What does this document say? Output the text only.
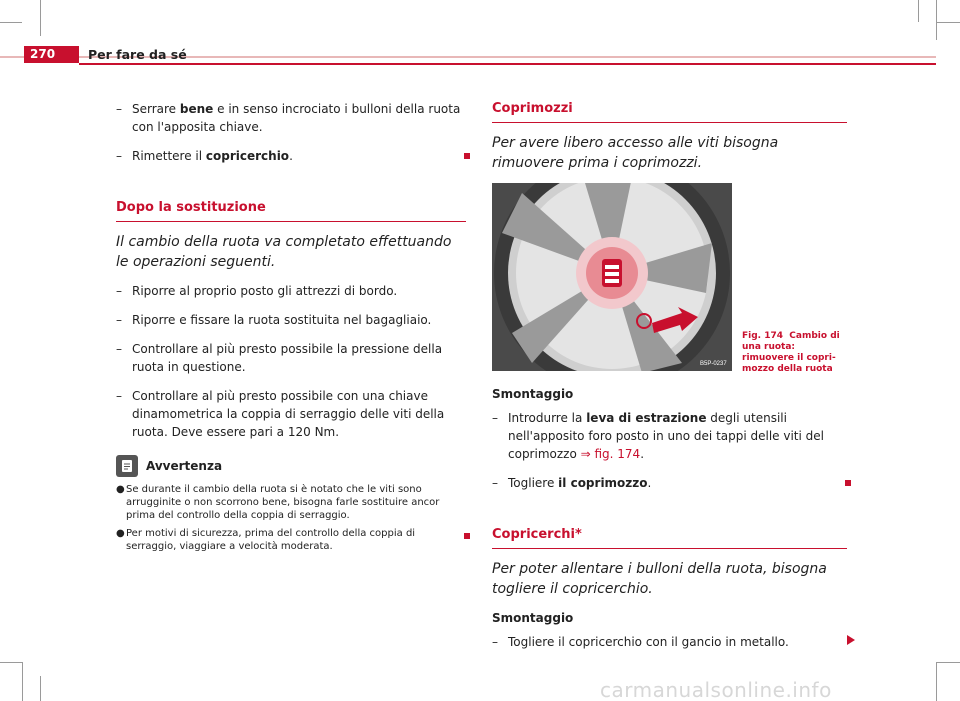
270	Per fare da sé
– Serrare bene e in senso incrociato i bulloni della ruota con l'apposita chiave.
– Rimettere il copricerchio.
Dopo la sostituzione
Il cambio della ruota va completato effettuando le operazioni seguenti.
– Riporre al proprio posto gli attrezzi di bordo.
– Riporre e fissare la ruota sostituita nel bagagliaio.
– Controllare al più presto possibile la pressione della ruota in questione.
– Controllare al più presto possibile con una chiave dinamometrica la coppia di serraggio delle viti della ruota. Deve essere pari a 120 Nm.
Avvertenza
● Se durante il cambio della ruota si è notato che le viti sono arrugginite o non scorrono bene, bisogna farle sostituire ancor prima del controllo della coppia di serraggio.
● Per motivi di sicurezza, prima del controllo della coppia di serraggio, viaggiare a velocità moderata.
Coprimozzi
Per avere libero accesso alle viti bisogna rimuovere prima i coprimozzi.
B5P-0237
Fig. 174 Cambio di una ruota: rimuovere il coprimozzo della ruota
Smontaggio
– Introdurre la leva di estrazione degli utensili nell'apposito foro posto in uno dei tappi delle viti del coprimozzo ⇒ fig. 174.
– Togliere il coprimozzo.
Copricerchi*
Per poter allentare i bulloni della ruota, bisogna togliere il copricerchio.
Smontaggio
– Togliere il copricerchio con il gancio in metallo.
carmanualsonline.info
